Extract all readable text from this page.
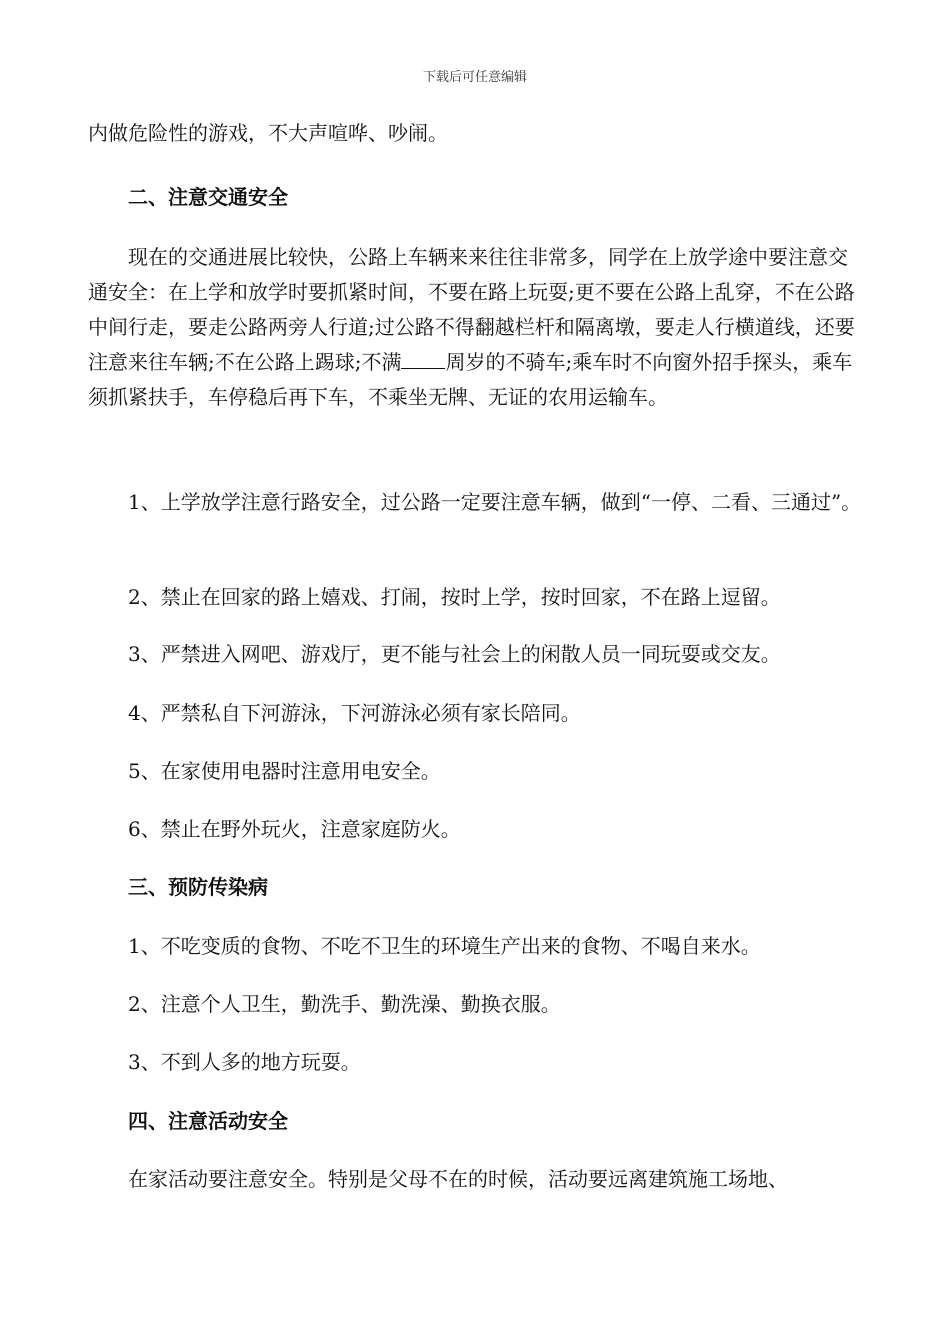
下载后可任意编辑

内做危险性的游戏，不大声喧哗、吵闹。

二、注意交通安全

现在的交通进展比较快，公路上车辆来来往往非常多，同学在上放学途中要注意交通安全：在上学和放学时要抓紧时间，不要在路上玩耍;更不要在公路上乱穿，不在公路中间行走，要走公路两旁人行道;过公路不得翻越栏杆和隔离墩，要走人行横道线，还要注意来往车辆;不在公路上踢球;不满 周岁的不骑车;乘车时不向窗外招手探头，乘车须抓紧扶手，车停稳后再下车，不乘坐无牌、无证的农用运输车。

1、上学放学注意行路安全，过公路一定要注意车辆，做到“一停、二看、三通过”。

2、禁止在回家的路上嬉戏、打闹，按时上学，按时回家，不在路上逗留。

3、严禁进入网吧、游戏厅，更不能与社会上的闲散人员一同玩耍或交友。

4、严禁私自下河游泳，下河游泳必须有家长陪同。

5、在家使用电器时注意用电安全。

6、禁止在野外玩火，注意家庭防火。

三、预防传染病

1、不吃变质的食物、不吃不卫生的环境生产出来的食物、不喝自来水。

2、注意个人卫生，勤洗手、勤洗澡、勤换衣服。

3、不到人多的地方玩耍。

四、注意活动安全

在家活动要注意安全。特别是父母不在的时候，活动要远离建筑施工场地、
